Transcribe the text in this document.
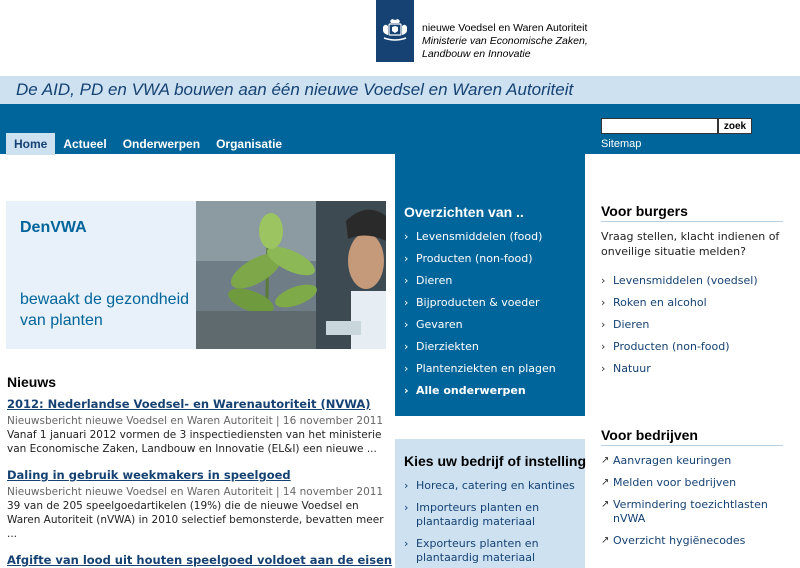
nieuwe Voedsel en Waren Autoriteit
Ministerie van Economische Zaken,
Landbouw en Innovatie
De AID, PD en VWA bouwen aan één nieuwe Voedsel en Waren Autoriteit
Home	Actueel	Onderwerpen	Organisatie
zoek
Sitemap
DenVWA
bewaakt de gezondheid van planten
Nieuws
2012: Nederlandse Voedsel- en Warenautoriteit (NVWA)
Nieuwsbericht nieuwe Voedsel en Waren Autoriteit | 16 november 2011
Vanaf 1 januari 2012 vormen de 3 inspectiediensten van het ministerie van Economische Zaken, Landbouw en Innovatie (EL&I) een nieuwe ...
Daling in gebruik weekmakers in speelgoed
Nieuwsbericht nieuwe Voedsel en Waren Autoriteit | 14 november 2011
39 van de 205 speelgoedartikelen (19%) die de nieuwe Voedsel en Waren Autoriteit (nVWA) in 2010 selectief bemonsterde, bevatten meer ...
Afgifte van lood uit houten speelgoed voldoet aan de eisen
Overzichten van ..
› Levensmiddelen (food)
› Producten (non-food)
› Dieren
› Bijproducten & voeder
› Gevaren
› Dierziekten
› Plantenziekten en plagen
› Alle onderwerpen
Kies uw bedrijf of instelling
› Horeca, catering en kantines
› Importeurs planten en plantaardig materiaal
› Exporteurs planten en plantaardig materiaal
Voor burgers
Vraag stellen, klacht indienen of onveilige situatie melden?
› Levensmiddelen (voedsel)
› Roken en alcohol
› Dieren
› Producten (non-food)
› Natuur
Voor bedrijven
↗ Aanvragen keuringen
↗ Melden voor bedrijven
↗ Vermindering toezichtlasten nVWA
↗ Overzicht hygiënecodes
